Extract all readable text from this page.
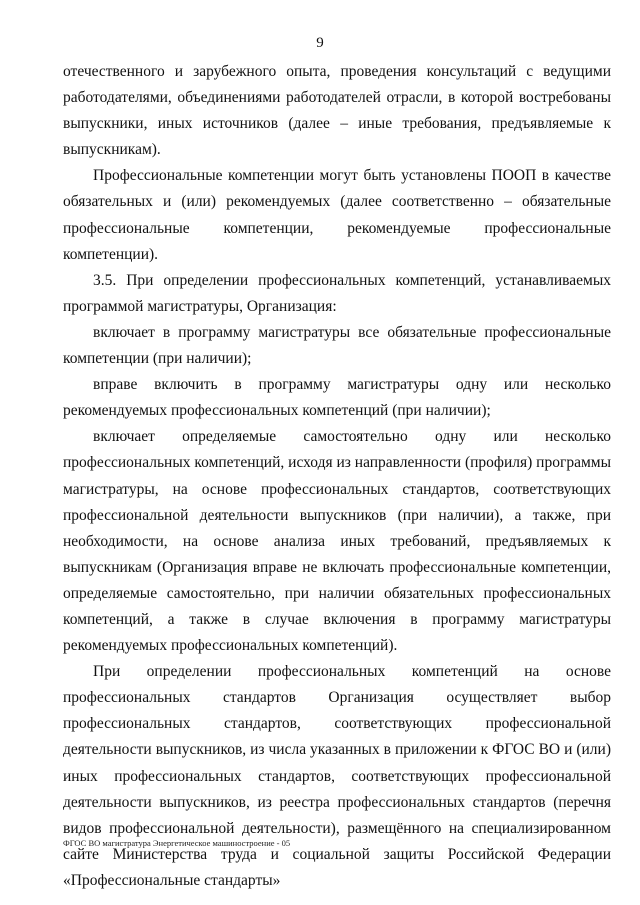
9

отечественного и зарубежного опыта, проведения консультаций с ведущими работодателями, объединениями работодателей отрасли, в которой востребованы выпускники, иных источников (далее – иные требования, предъявляемые к выпускникам).

Профессиональные компетенции могут быть установлены ПООП в качестве обязательных и (или) рекомендуемых (далее соответственно – обязательные профессиональные компетенции, рекомендуемые профессиональные компетенции).

3.5. При определении профессиональных компетенций, устанавливаемых программой магистратуры, Организация:

включает в программу магистратуры все обязательные профессиональные компетенции (при наличии);

вправе включить в программу магистратуры одну или несколько рекомендуемых профессиональных компетенций (при наличии);

включает определяемые самостоятельно одну или несколько профессиональных компетенций, исходя из направленности (профиля) программы магистратуры, на основе профессиональных стандартов, соответствующих профессиональной деятельности выпускников (при наличии), а также, при необходимости, на основе анализа иных требований, предъявляемых к выпускникам (Организация вправе не включать профессиональные компетенции, определяемые самостоятельно, при наличии обязательных профессиональных компетенций, а также в случае включения в программу магистратуры рекомендуемых профессиональных компетенций).

При определении профессиональных компетенций на основе профессиональных стандартов Организация осуществляет выбор профессиональных стандартов, соответствующих профессиональной деятельности выпускников, из числа указанных в приложении к ФГОС ВО и (или) иных профессиональных стандартов, соответствующих профессиональной деятельности выпускников, из реестра профессиональных стандартов (перечня видов профессиональной деятельности), размещённого на специализированном сайте Министерства труда и социальной защиты Российской Федерации «Профессиональные стандарты»

ФГОС ВО магистратура Энергетическое машиностроение - 05
